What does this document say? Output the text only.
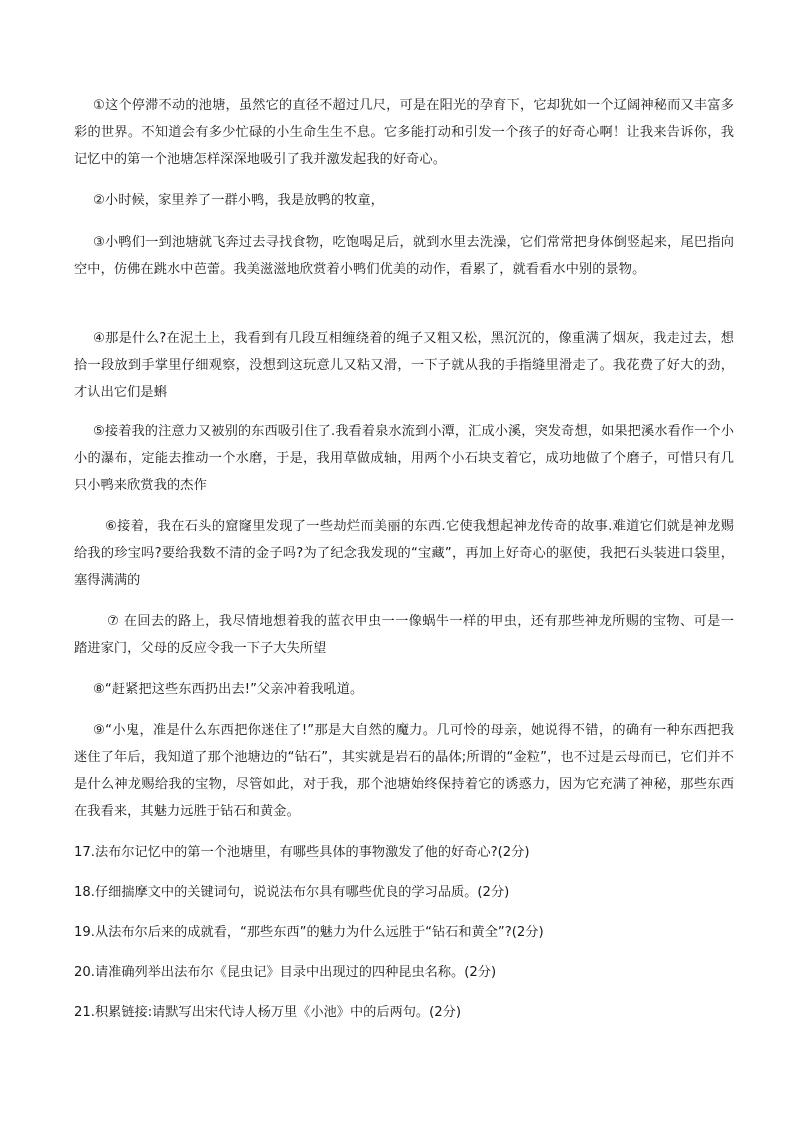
①这个停滞不动的池塘，虽然它的直径不超过几尺，可是在阳光的孕育下，它却犹如一个辽阔神秘而又丰富多彩的世界。不知道会有多少忙碌的小生命生生不息。它多能打动和引发一个孩子的好奇心啊！让我来告诉你，我记忆中的第一个池塘怎样深深地吸引了我并激发起我的好奇心。

②小时候，家里养了一群小鸭，我是放鸭的牧童，

③小鸭们一到池塘就飞奔过去寻找食物，吃饱喝足后，就到水里去洗澡，它们常常把身体倒竖起来，尾巴指向空中，仿佛在跳水中芭蕾。我美滋滋地欣赏着小鸭们优美的动作，看累了，就看看水中别的景物。

④那是什么?在泥土上，我看到有几段互相缠绕着的绳子又粗又松，黑沉沉的，像重满了烟灰，我走过去，想拾一段放到手掌里仔细观察，没想到这玩意儿又粘又滑，一下子就从我的手指缝里滑走了。我花费了好大的劲，才认出它们是蝌

⑤接着我的注意力又被别的东西吸引住了.我看着泉水流到小潭，汇成小溪，突发奇想，如果把溪水看作一个小小的瀑布，定能去推动一个水磨，于是，我用草做成轴，用两个小石块支着它，成功地做了个磨子，可惜只有几只小鸭来欣赏我的杰作

⑥接着，我在石头的窟窿里发现了一些劫烂而美丽的东西.它使我想起神龙传奇的故事.难道它们就是神龙赐给我的珍宝吗?要给我数不清的金子吗?为了纪念我发现的“宝藏”，再加上好奇心的驱使，我把石头装进口袋里，塞得满满的

⑦ 在回去的路上，我尽情地想着我的蓝衣甲虫一一像蜗牛一样的甲虫，还有那些神龙所赐的宝物、可是一踏进家门，父母的反应令我一下子大失所望

⑧“赶紧把这些东西扔出去!”父亲冲着我吼道。

⑨“小鬼，准是什么东西把你迷住了!”那是大自然的魔力。几可怜的母亲，她说得不错，的确有一种东西把我迷住了年后，我知道了那个池塘边的“钻石”，其实就是岩石的晶体;所谓的“金粒”，也不过是云母而已，它们并不是什么神龙赐给我的宝物，尽管如此，对于我，那个池塘始终保持着它的诱惑力，因为它充满了神秘，那些东西在我看来，其魅力远胜于钻石和黄金。

17.法布尔记忆中的第一个池塘里，有哪些具体的事物激发了他的好奇心?(2分)

18.仔细揣摩文中的关键词句，说说法布尔具有哪些优良的学习品质。(2分)

19.从法布尔后来的成就看，“那些东西”的魅力为什么远胜于“钻石和黄全”?(2分)

20.请准确列举出法布尔《昆虫记》目录中出现过的四种昆虫名称。(2分)

21.积累链接:请默写出宋代诗人杨万里《小池》中的后两句。(2分)
